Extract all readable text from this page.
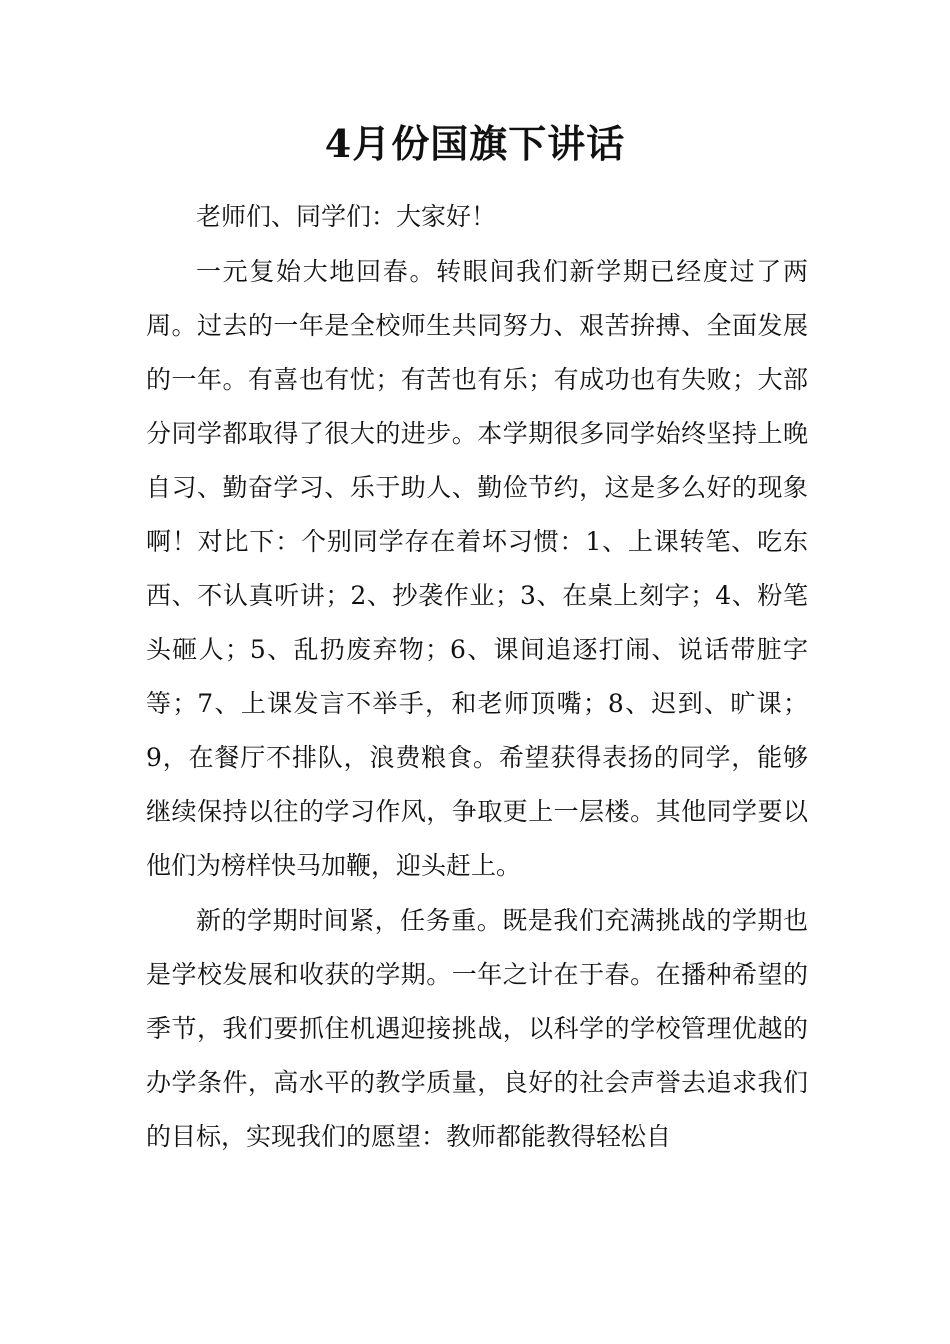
4月份国旗下讲话

老师们、同学们：大家好！

一元复始大地回春。转眼间我们新学期已经度过了两周。过去的一年是全校师生共同努力、艰苦拚搏、全面发展的一年。有喜也有忧；有苦也有乐；有成功也有失败；大部分同学都取得了很大的进步。本学期很多同学始终坚持上晚自习、勤奋学习、乐于助人、勤俭节约，这是多么好的现象啊！对比下：个别同学存在着坏习惯：1、上课转笔、吃东西、不认真听讲；2、抄袭作业；3、在桌上刻字；4、粉笔头砸人；5、乱扔废弃物；6、课间追逐打闹、说话带脏字等；7、上课发言不举手，和老师顶嘴；8、迟到、旷课；9，在餐厅不排队，浪费粮食。希望获得表扬的同学，能够继续保持以往的学习作风，争取更上一层楼。其他同学要以他们为榜样快马加鞭，迎头赶上。

新的学期时间紧，任务重。既是我们充满挑战的学期也是学校发展和收获的学期。一年之计在于春。在播种希望的季节，我们要抓住机遇迎接挑战，以科学的学校管理优越的办学条件，高水平的教学质量，良好的社会声誉去追求我们的目标，实现我们的愿望：教师都能教得轻松自
